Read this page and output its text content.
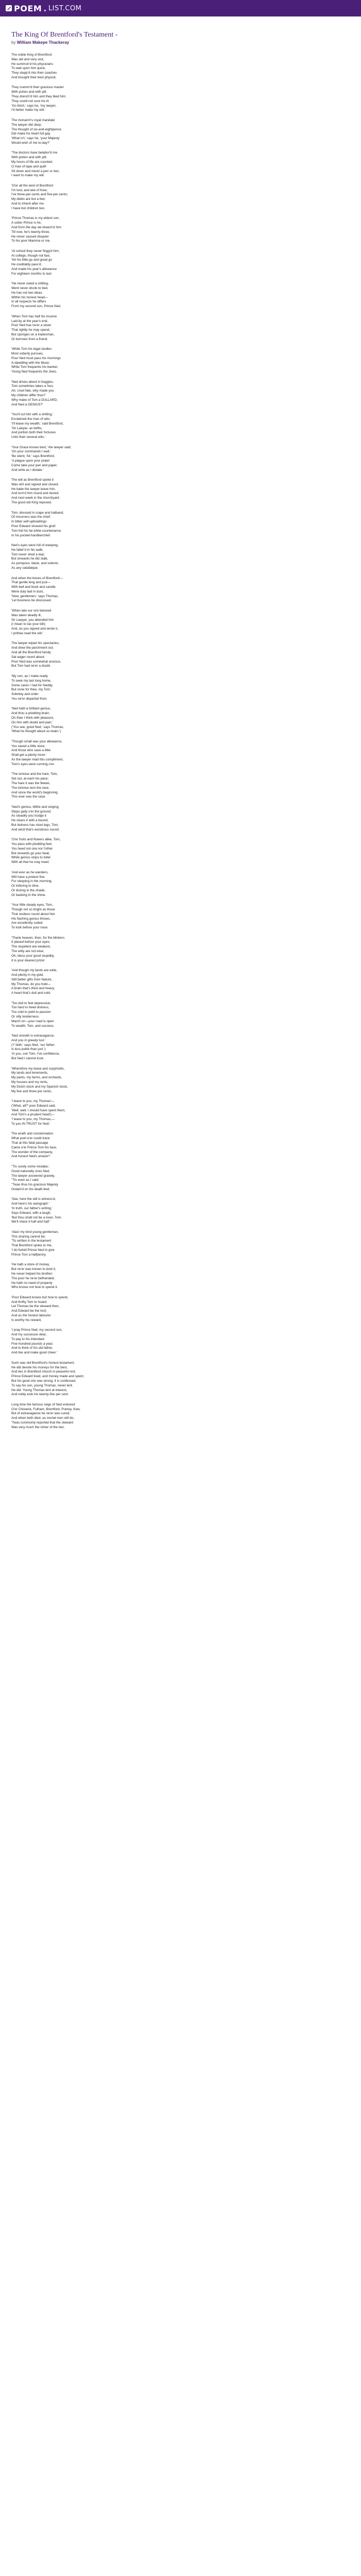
POEM . LIST.COM
The King Of Brentford's Testament -
by William Makepe Thackeray
The noble King of Brentford
Was old and very sick,
He summon'd his physicians
To wait upon him quick;
They stepp'd into their coaches
And brought their best physick.
They cramm'd their gracious master
With potion and with pill;
They drench'd him and they bled him;
They could not cure his ill.
'Go fetch,' says he, 'my lawyer,
I'd better make my will.'
The monarch's royal mandate
The lawyer did obey;
The thought of six-and-eightpence
Did make his heart full gay.
'What is't,' says he, 'your Majesty
Would wish of me to-day?'
'The doctors have belabor'd me
With potion and with pill;
My hours of life are counted,
O man of tape and quill!
Sit down and mend a pen or two;
I want to make my will.
'O'er all the land of Brentford
I'm lord, and eke of Kew;
I've three-per-cents and five-per-cents;
My debts are but a few;
And to inherit after me
I have but children two.
'Prince Thomas is my eldest son,
A sober Prince is he,
And from the day we breech'd him
Till now, he's twenty-three,
He never caused disquiet
To his poor Mamma or me.
'At school they never flogg'd him,
At college, though not fast,
Yet his little-go and great go
He creditably pass'd,
And made his year's allowance
For eighteen months to last.
'He never owed a shilling,
Went never drunk to bed,
He has not two ideas
Within his honest head—
In all respects he differs
From my second son, Prince Ned.
'When Tom has half his income
Laid by at the year's end,
Poor Ned has ne'er a stiver
That rightly he may spend,
But sponges on a tradesman,
Or borrows from a friend.
'While Tom his legal studies
Most soberly pursues,
Poor Ned must pass his mornings
A-dawdling with the Muse:
While Tom frequents his banker,
Young Ned frequents the Jews.
'Ned drives about in buggies,
Tom sometimes takes a 'bus;
Ah, cruel fate, why made you
My children differ thus?
Why make of Tom a DULLARD,
And Ned a GENIUS?'
'You'll cut him with a shilling,'
Exclaimed the man of wits:
'I'll leave my wealth,' said Brentford,
'Sir Lawyer, as befits,
And portion both their fortunes
Unto their several wits.'
'Your Grace knows best,' the lawyer said;
'On your commands I wait.'
'Be silent, Sir,' says Brentford,
'A plague upon your prate!
Come take your pen and paper,
And write as I dictate.'
The will as Brentford spoke it
Was writ and signed and closed;
He bade the lawyer leave him,
And turn'd him round and dozed;
And next week in the churchyard
The good old King reposed.
Tom, dressed in crape and hatband,
Of mourners was the chief;
In bitter self-upbraidings
Poor Edward showed his grief:
Tom hid his fat white countenance
In his pocket-handkerchief.
Ned's eyes were full of weeping,
He falter'd in his walk;
Tom never shed a tear,
But onwards he did stalk,
As pompous, black, and solemn,
As any catafalque.
And when the bones of Brentford—
That gentle king and just—
With bell and book and candle
Were duly laid in dust,
'Now, gentlemen,' says Thomas,
'Let business be discussed.
'When late our sire beloved
Was taken deadly ill,
Sir Lawyer, you attended him
(I mean to tax your bill);
And, as you signed and wrote it,
I prithee read the will.'
The lawyer wiped his spectacles,
And drew the parchment out;
And all the Brentford family
Sat eager round about:
Poor Ned was somewhat anxious,
But Tom had ne'er a doubt.
'My son, as I make ready
To seek my last long home,
Some cares I had for Neddy,
But none for thee, my Tom:
Sobriety and order
You ne'er departed from.
'Ned hath a brilliant genius,
And thou a plodding brain;
On thee I think with pleasure,
On him with doubt and pain.'
('You see, good Ned,' says Thomas,
'What he thought about us twain.')
'Though small was your allowance,
You saved a little store;
And those who save a little
Shall get a plenty more.'
As the lawyer read this compliment,
Tom's eyes were running o'er.
'The tortoise and the hare, Tom,
Set out, at each his pace;
The hare it was the fleeter,
The tortoise won the race;
And since the world's beginning
This ever was the case.
'Ned's genius, blithe and singing,
Steps gaily o'er the ground;
As steadily you trudge it
He clears it with a bound;
But dulness has stout legs, Tom,
And wind that's wondrous sound.
'O'er fruits and flowers alike, Tom,
You pass with plodding feet;
You heed not one nor t'other
But onwards go your beat,
While genius stops to loiter
With all that he may meet;
'And ever as he wanders,
Will have a pretext fine
For sleeping in the morning,
Or loitering to dine,
Or dozing in the shade,
Or basking in the shine.
'Your little steady eyes, Tom,
Though not so bright as those
That restless round about him
His flashing genius throws,
Are excellently suited
To look before your nose.
'Thank heaven, then, for the blinkers
It placed before your eyes;
The stupidest are weakest,
The witty are not wise;
Oh, bless your good stupidity,
It is your dearest prize!
'And though my lands are wide,
And plenty in my gold,
Still better gifts from Nature,
My Thomas, do you hold—
A brain that's thick and heavy,
A heart that's dull and cold.
'Too dull to feel depression,
Too hard to heed distress,
Too cold to yield to passion
Or silly tenderness.
March on—your road is open
To wealth, Tom, and success.
'Ned sinneth in extravagance,
And you in greedy lust.'
('I' faith,' says Ned, 'our father
Is less polite than just.')
'In you, son Tom, I've confidence,
But Ned I cannot trust.
'Wherefore my lease and copyholds,
My lands and tenements,
My parks, my farms, and orchards,
My houses and my rents,
My Dutch stock and my Spanish stock,
My five and three per cents,
'I leave to you, my Thomas'—
('What, all?' poor Edward said.
'Well, well, I should have spent them,
And Tom's a prudent head')—
'I leave to you, my Thomas,—
To you IN TRUST for Ned.'
The wrath and consternation
What poet e'er could trace
That at this fatal passage
Came o'er Prince Tom his face;
The wonder of the company,
And honest Ned's amaze?
''Tis surely some mistake,'
Good-naturedly cries Ned;
The lawyer answered gravely,
''Tis even as I said;
''Twas thus his gracious Majesty
Ordain'd on his death-bed.
'See, here the will is witness'd,
And here's his autograph.'
'In truth, our father's writing,'
Says Edward, with a laugh;
'But thou shalt not be a loser, Tom;
We'll share it half and half.'
'Alas! my kind young gentleman,
This sharing cannot be;
'Tis written in the testament
That Brentford spoke to me,
'I do forbid Prince Ned to give
Prince Tom a halfpenny.
'He hath a store of money,
But ne'er was known to lend it;
He never helped his brother;
The poor he ne'er befriended;
He hath no need of property
Who knows not how to spend it.
'Poor Edward knows but how to spend,
And thrifty Tom to hoard;
Let Thomas be the steward then,
And Edward be the lord;
And as the honest labourer
Is worthy his reward,
'I pray Prince Ned, my second son,
And my successor dear,
To pay to his intendant
Five hundred pounds a year;
And to think of his old father,
And live and make good cheer.'
Such was old Brentford's honest testament.
He did devote his moneys for the best,
And lies in Brentford church in peaceful rest.
Prince Edward lived, and money made and spent;
But his good sire was wrong, it is confessed,
To say his son, young Thomas, never lent.
He did. Young Thomas lent at interest,
And nobly took his twenty-five per cent.
Long time the famous reign of Ned endured
O'er Chiswick, Fulham, Brentford, Putney, Kew,
But of extravagance he ne'er was cured.
And when both died, as mortal men will do,
'Twas commonly reported that the steward
Was very much the richer of the two.
